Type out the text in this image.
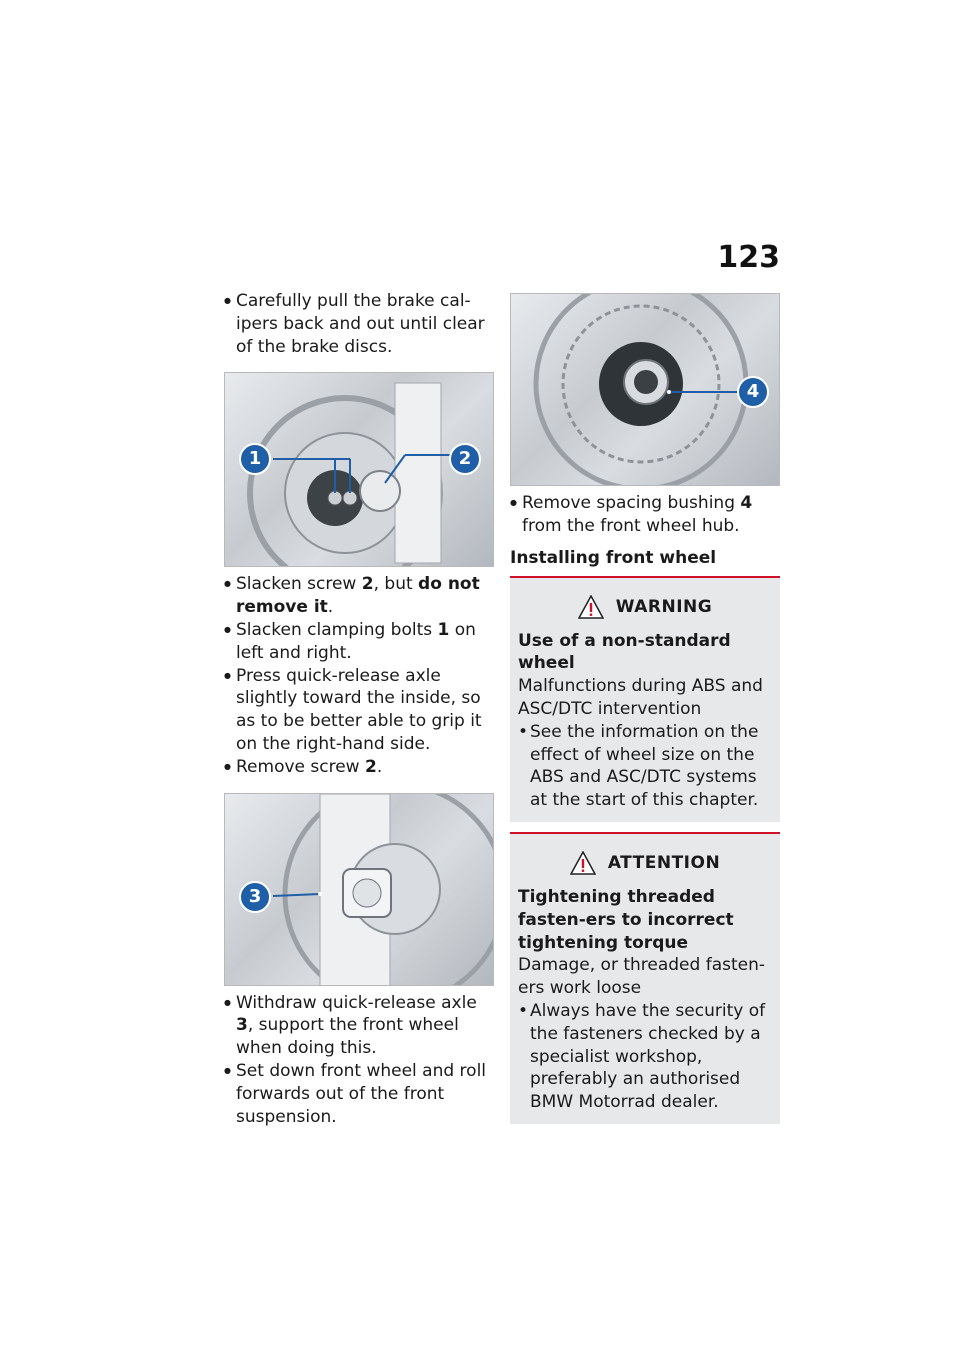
123
● Carefully pull the brake cal-ipers back and out until clear of the brake discs.
1	2
● Slacken screw 2, but do not remove it.
● Slacken clamping bolts 1 on left and right.
● Press quick-release axle slightly toward the inside, so as to be better able to grip it on the right-hand side.
● Remove screw 2.
3
● Withdraw quick-release axle 3, support the front wheel when doing this.
● Set down front wheel and roll forwards out of the front suspension.
4
● Remove spacing bushing 4 from the front wheel hub.
Installing front wheel
WARNING
Use of a non-standard wheel
Malfunctions during ABS and ASC/DTC intervention
• See the information on the effect of wheel size on the ABS and ASC/DTC systems at the start of this chapter.
ATTENTION
Tightening threaded fasten-ers to incorrect tightening torque
Damage, or threaded fasten-ers work loose
• Always have the security of the fasteners checked by a specialist workshop, preferably an authorised BMW Motorrad dealer.
